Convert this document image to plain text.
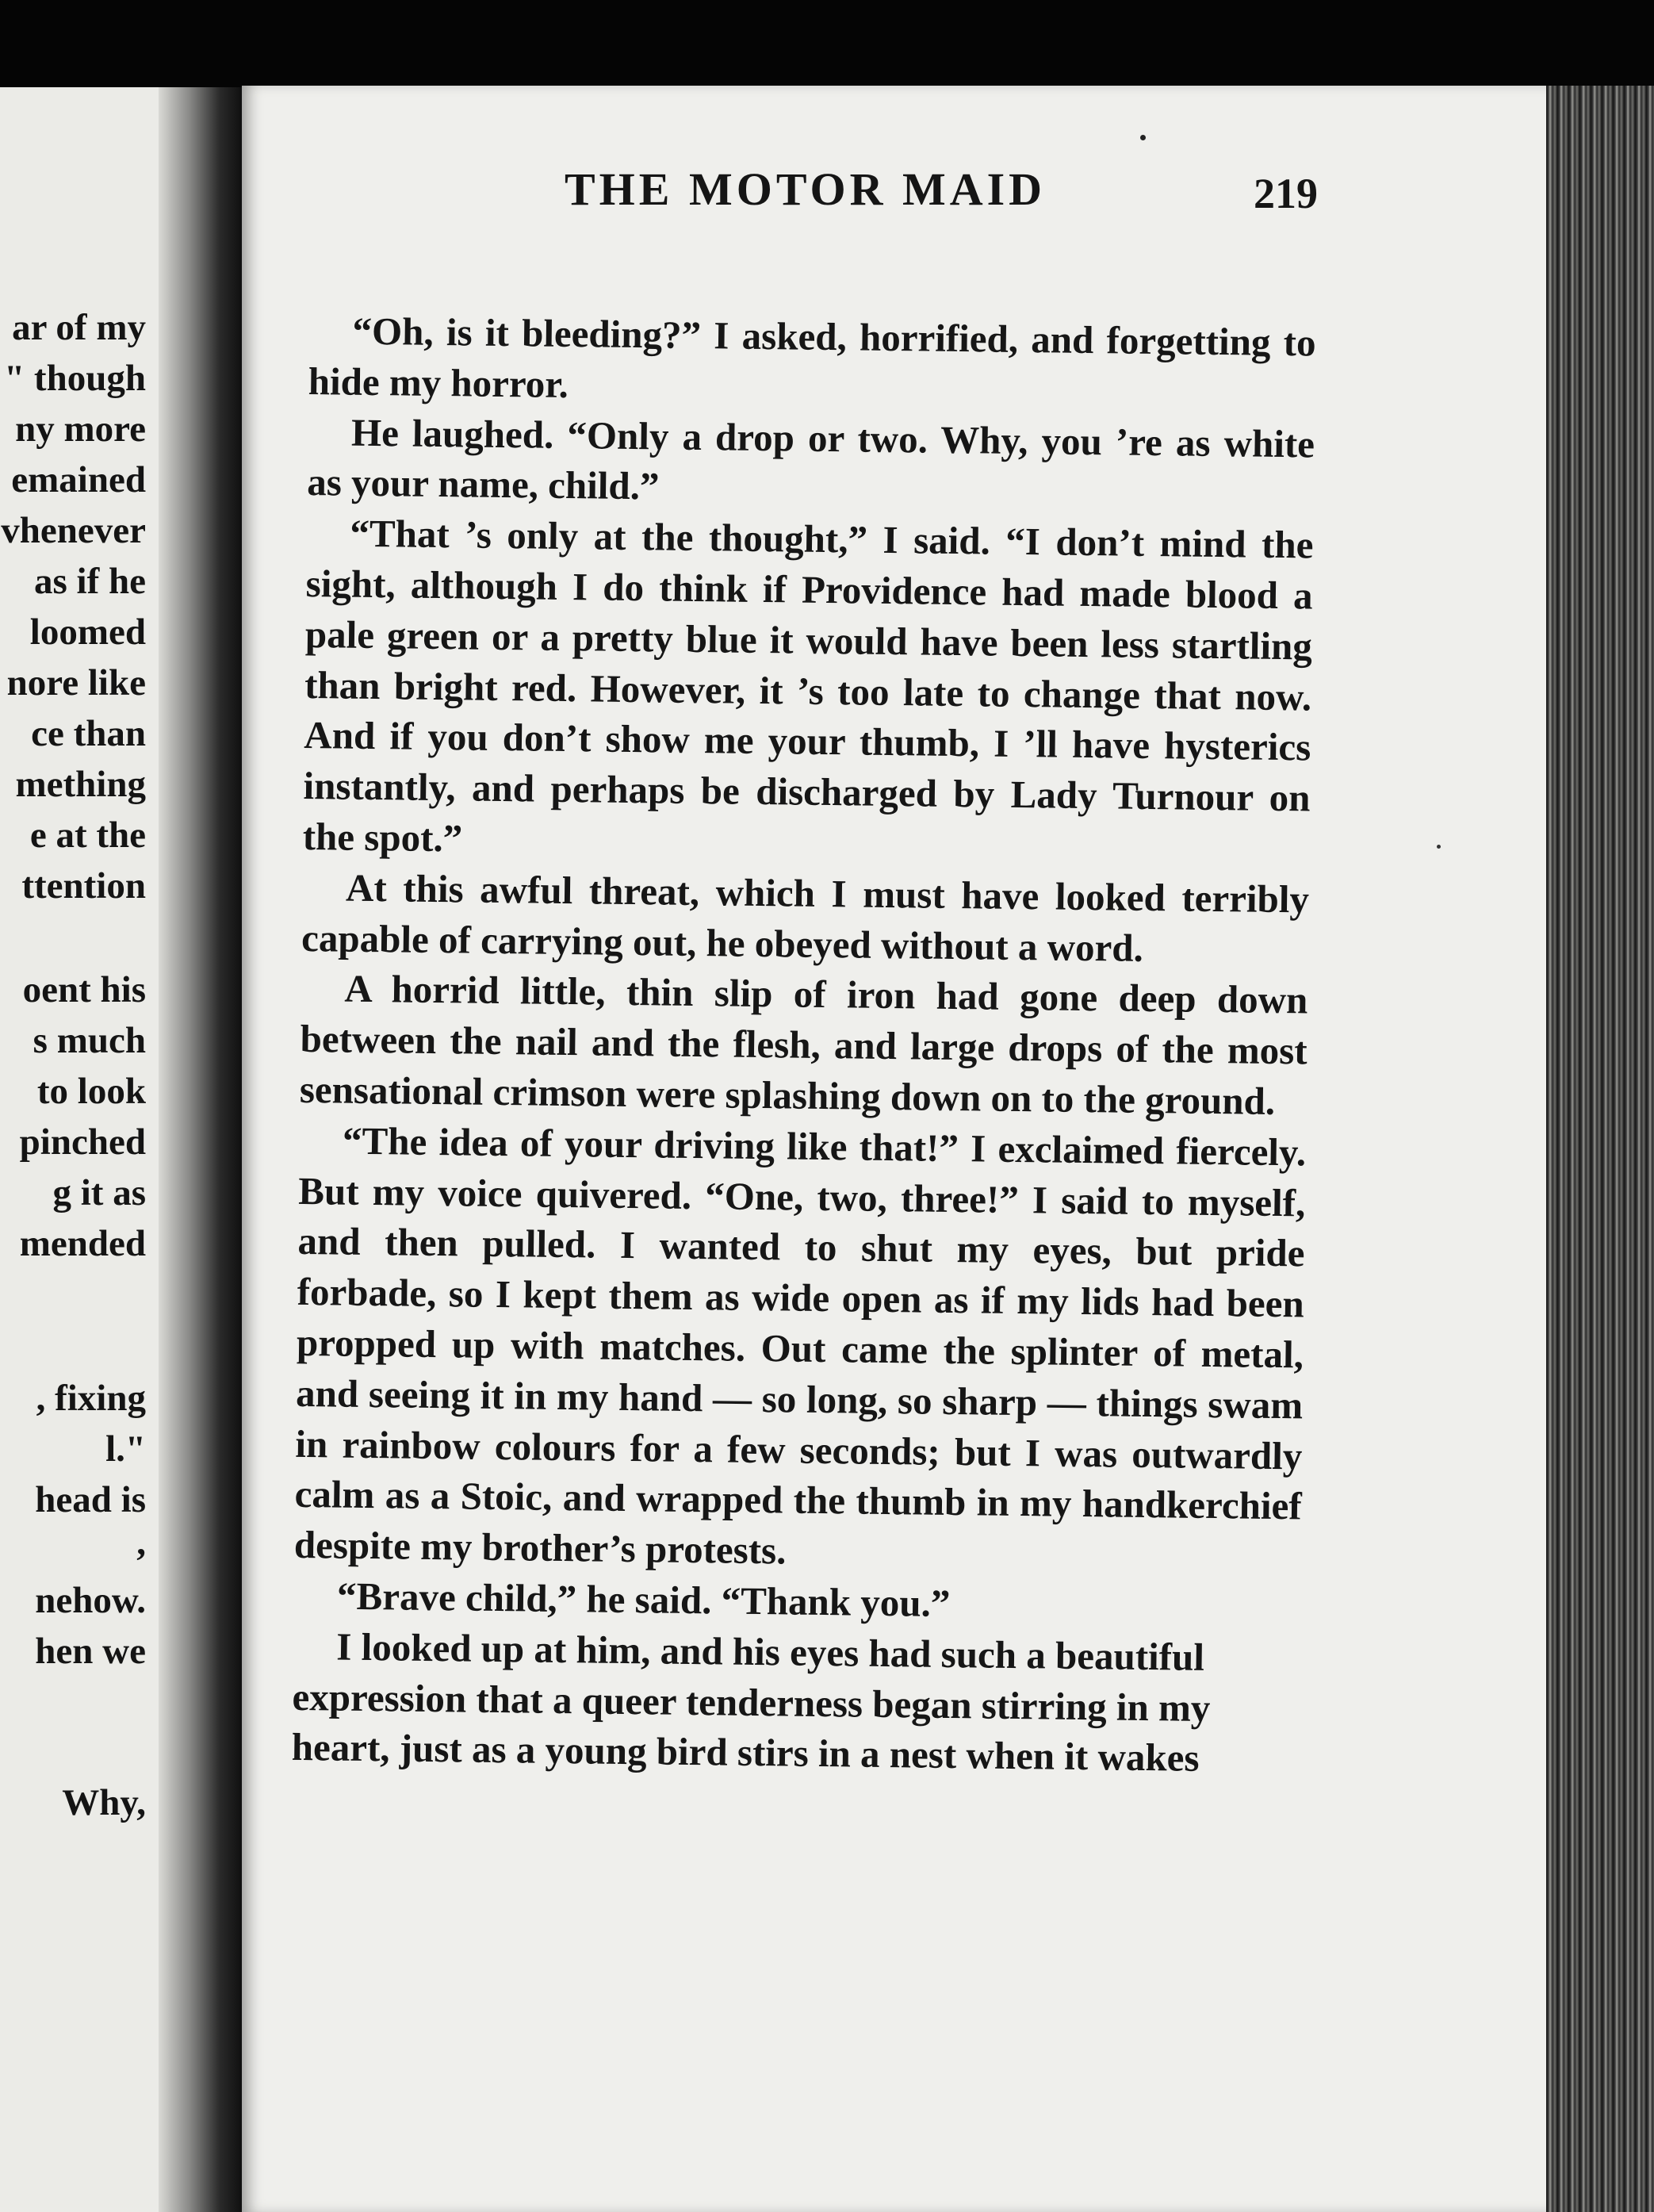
ar of my
" though
ny more
emained
vhenever
as if he
loomed
nore like
ce than
mething
e at the
ttention
oent his
s much
to look
pinched
g it as
mended
, fixing
l."
head is
,
nehow.
hen we
Why,
THE MOTOR MAID	219

“Oh, is it bleeding?” I asked, horrified, and forgetting to hide my horror.

He laughed. “Only a drop or two. Why, you ’re as white as your name, child.”

“That ’s only at the thought,” I said. “I don’t mind the sight, although I do think if Providence had made blood a pale green or a pretty blue it would have been less startling than bright red. However, it ’s too late to change that now. And if you don’t show me your thumb, I ’ll have hysterics instantly, and perhaps be discharged by Lady Turnour on the spot.”

At this awful threat, which I must have looked terribly capable of carrying out, he obeyed without a word.

A horrid little, thin slip of iron had gone deep down between the nail and the flesh, and large drops of the most sensational crimson were splashing down on to the ground.

“The idea of your driving like that!” I exclaimed fiercely. But my voice quivered. “One, two, three!” I said to myself, and then pulled. I wanted to shut my eyes, but pride forbade, so I kept them as wide open as if my lids had been propped up with matches. Out came the splinter of metal, and seeing it in my hand — so long, so sharp — things swam in rainbow colours for a few seconds; but I was outwardly calm as a Stoic, and wrapped the thumb in my handkerchief despite my brother’s protests.

“Brave child,” he said. “Thank you.”

I looked up at him, and his eyes had such a beautiful expression that a queer tenderness began stirring in my heart, just as a young bird stirs in a nest when it wakes
